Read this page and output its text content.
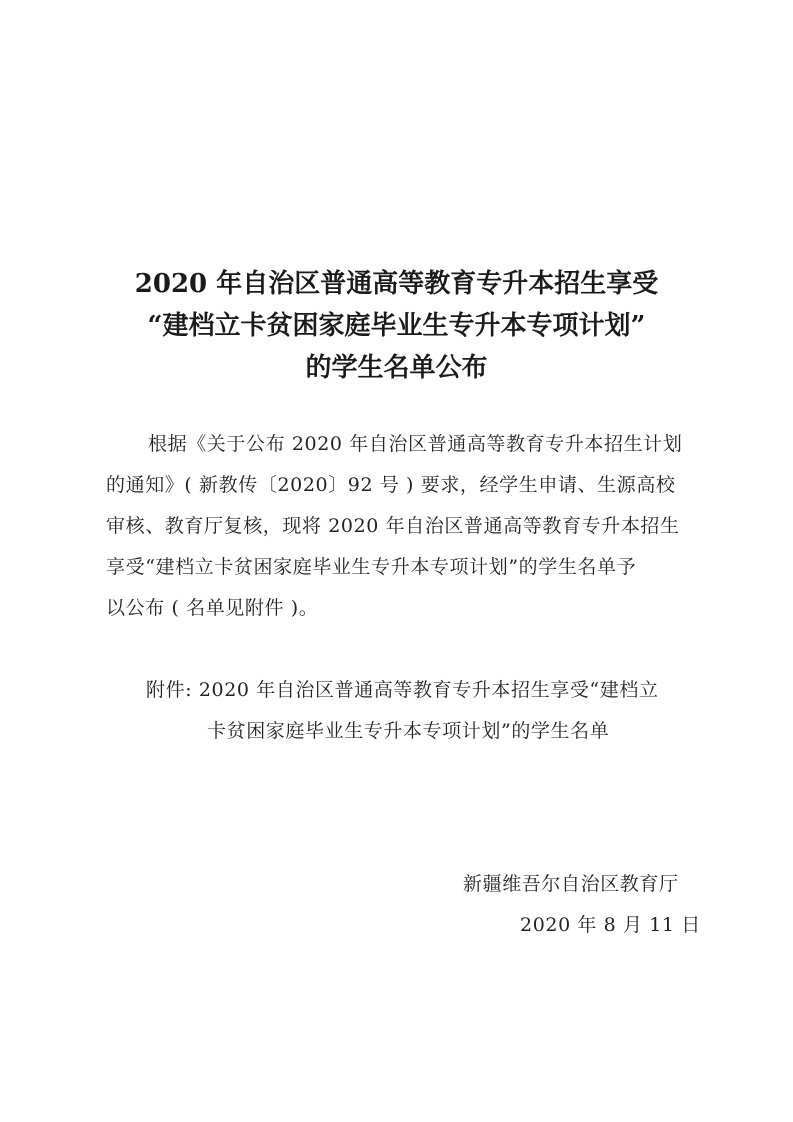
2020 年自治区普通高等教育专升本招生享受
“建档立卡贫困家庭毕业生专升本专项计划”
的学生名单公布
根据《关于公布 2020 年自治区普通高等教育专升本招生计划
的通知》( 新教传〔2020〕92 号 ) 要求，经学生申请、生源高校
审核、教育厅复核，现将 2020 年自治区普通高等教育专升本招生
享受“建档立卡贫困家庭毕业生专升本专项计划”的学生名单予
以公布 ( 名单见附件 )。
附件: 2020 年自治区普通高等教育专升本招生享受“建档立
卡贫困家庭毕业生专升本专项计划”的学生名单
新疆维吾尔自治区教育厅
2020 年 8 月 11 日
